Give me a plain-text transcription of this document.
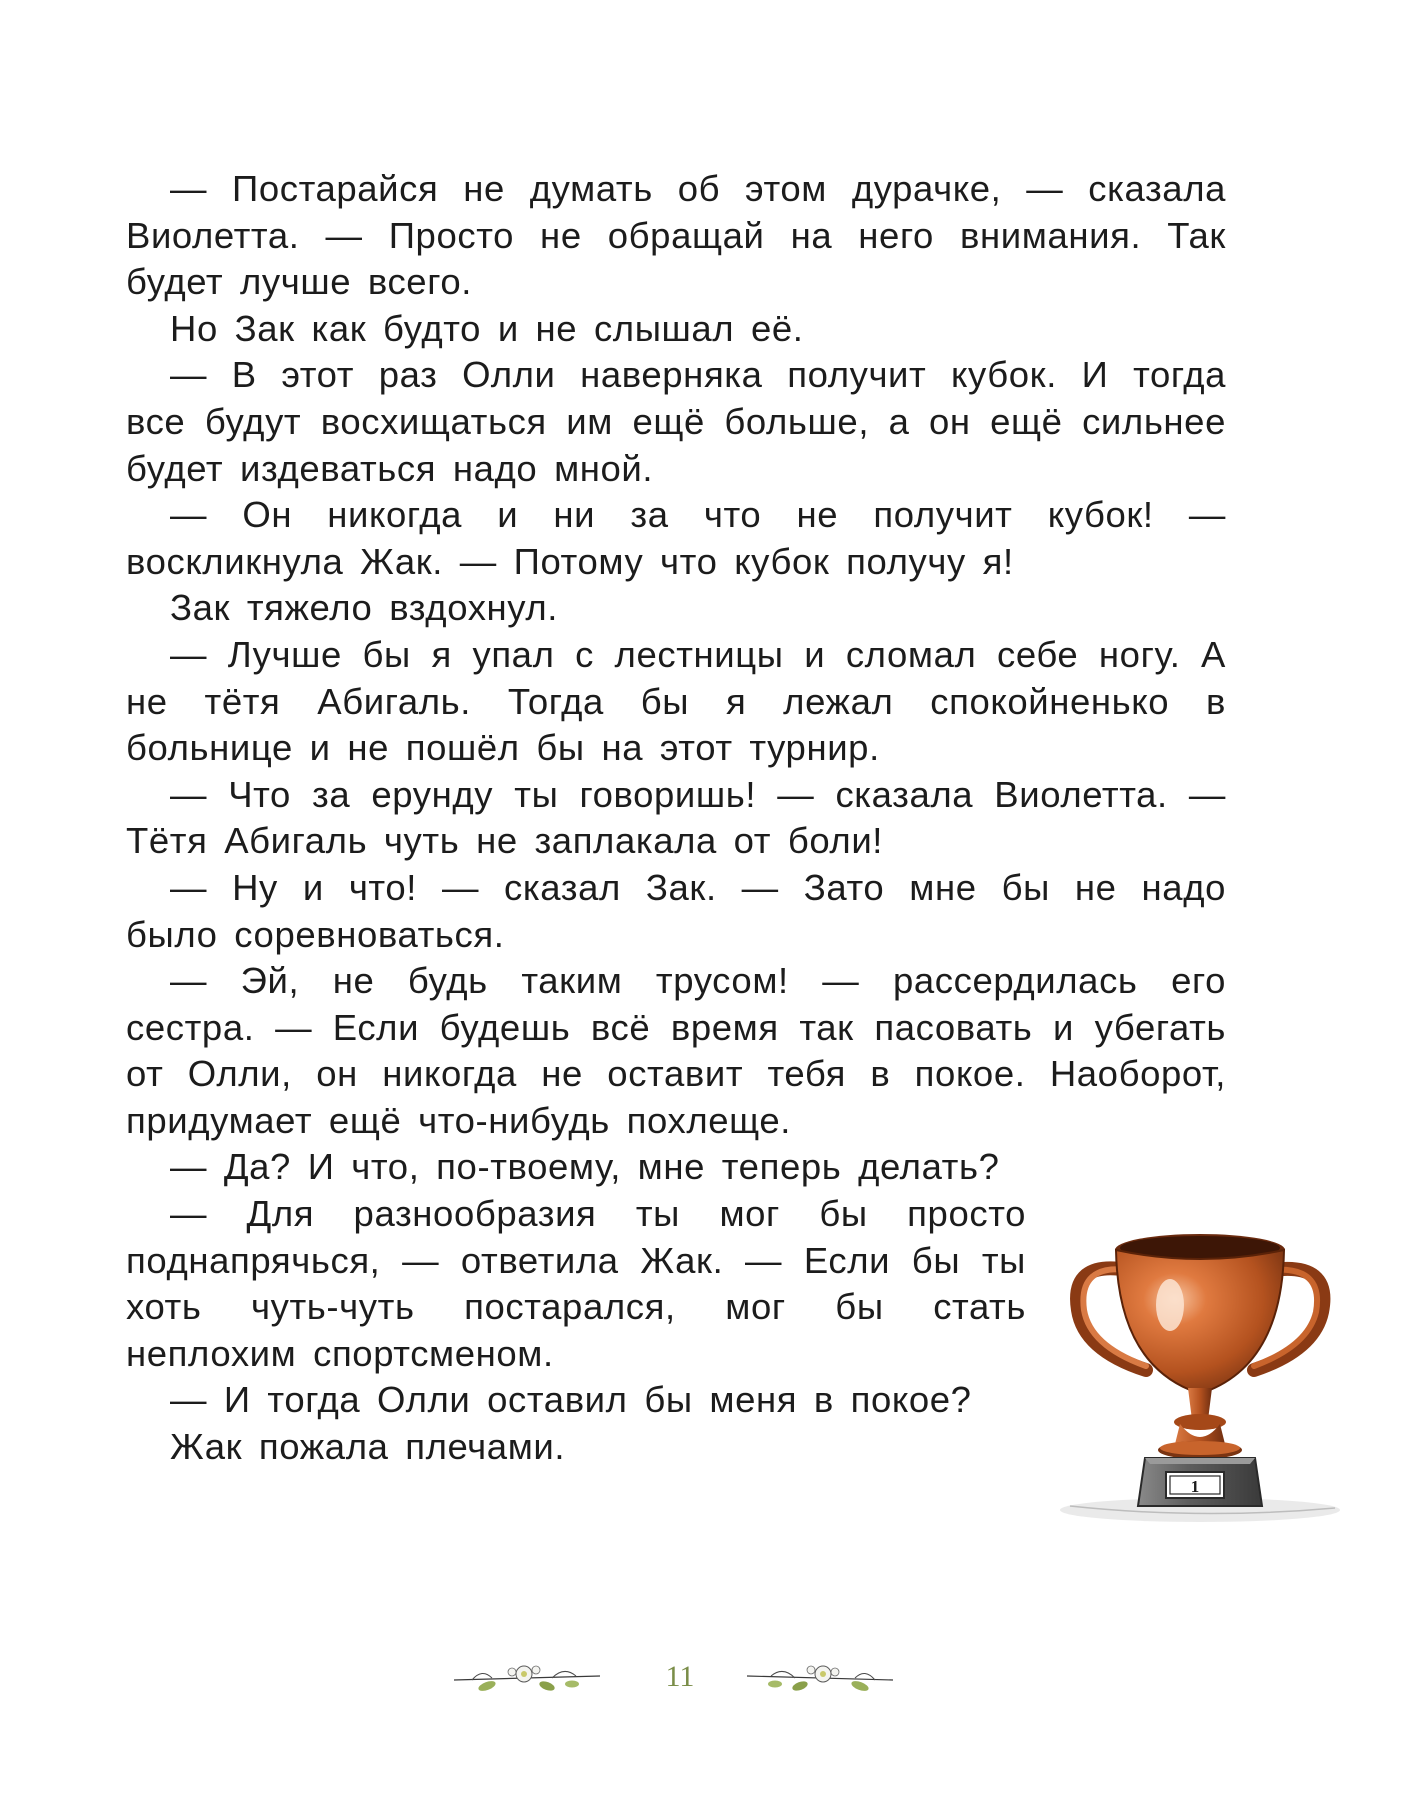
— Постарайся не думать об этом дурачке, — сказала Виолетта. — Просто не обращай на него внимания. Так будет лучше всего.

Но Зак как будто и не слышал её.

— В этот раз Олли наверняка получит кубок. И тогда все будут восхищаться им ещё больше, а он ещё сильнее будет издеваться надо мной.

— Он никогда и ни за что не получит кубок! — воскликнула Жак. — Потому что кубок получу я!

Зак тяжело вздохнул.

— Лучше бы я упал с лестницы и сломал себе ногу. А не тётя Абигаль. Тогда бы я лежал спокойненько в больнице и не пошёл бы на этот турнир.

— Что за ерунду ты говоришь! — сказала Виолетта. — Тётя Абигаль чуть не заплакала от боли!

— Ну и что! — сказал Зак. — Зато мне бы не надо было соревноваться.

— Эй, не будь таким трусом! — рассердилась его сестра. — Если будешь всё время так пасовать и убегать от Олли, он никогда не оставит тебя в покое. Наоборот, придумает ещё что-нибудь похлеще.

— Да? И что, по-твоему, мне теперь делать?

— Для разнообразия ты мог бы просто поднапрячься, — ответила Жак. — Если бы ты хоть чуть-чуть постарался, мог бы стать неплохим спортсменом.

— И тогда Олли оставил бы меня в покое?

Жак пожала плечами.

1
11
